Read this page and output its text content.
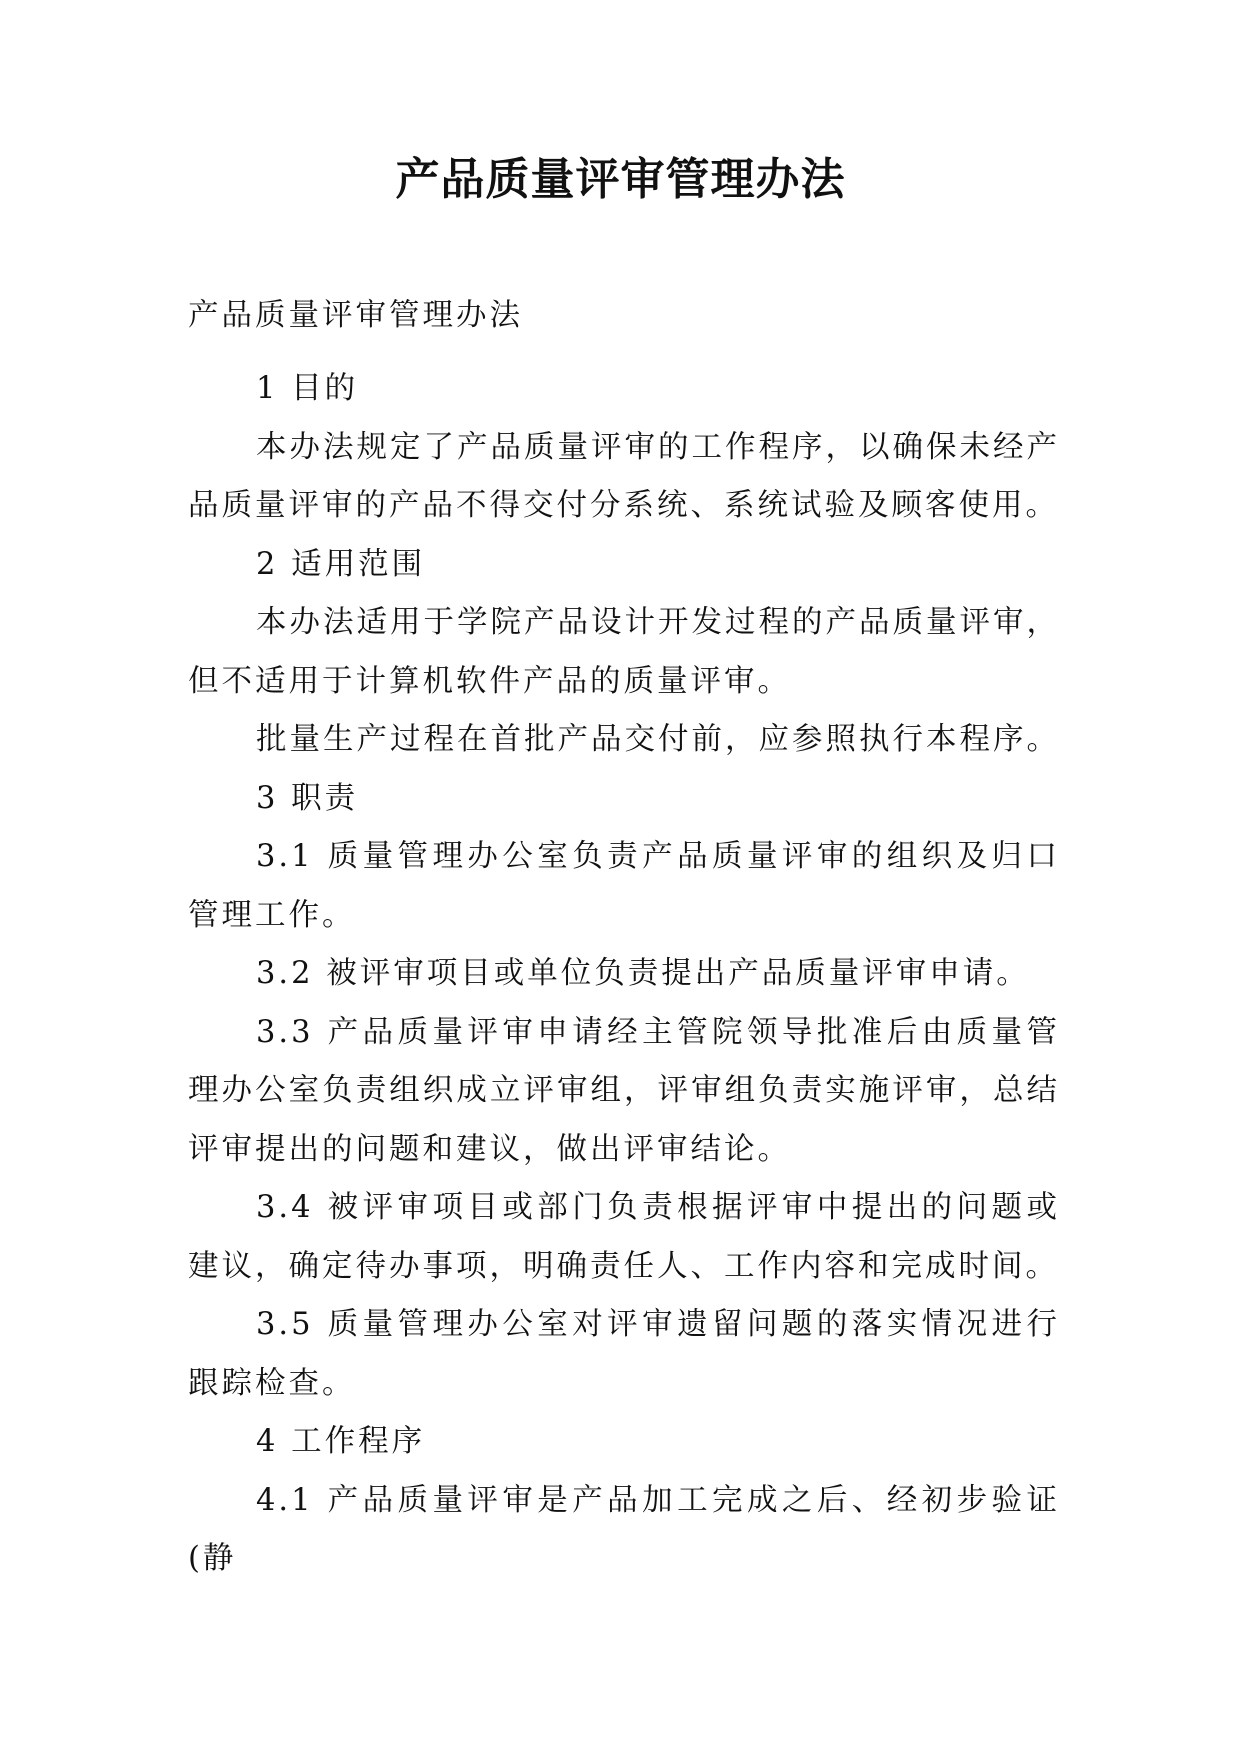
产品质量评审管理办法
产品质量评审管理办法

1 目的

本办法规定了产品质量评审的工作程序，以确保未经产品质量评审的产品不得交付分系统、系统试验及顾客使用。

2 适用范围

本办法适用于学院产品设计开发过程的产品质量评审，但不适用于计算机软件产品的质量评审。

批量生产过程在首批产品交付前，应参照执行本程序。

3 职责

3.1 质量管理办公室负责产品质量评审的组织及归口管理工作。

3.2 被评审项目或单位负责提出产品质量评审申请。

3.3 产品质量评审申请经主管院领导批准后由质量管理办公室负责组织成立评审组，评审组负责实施评审，总结评审提出的问题和建议，做出评审结论。

3.4 被评审项目或部门负责根据评审中提出的问题或建议，确定待办事项，明确责任人、工作内容和完成时间。

3.5 质量管理办公室对评审遗留问题的落实情况进行跟踪检查。

4 工作程序

4.1 产品质量评审是产品加工完成之后、经初步验证(静
